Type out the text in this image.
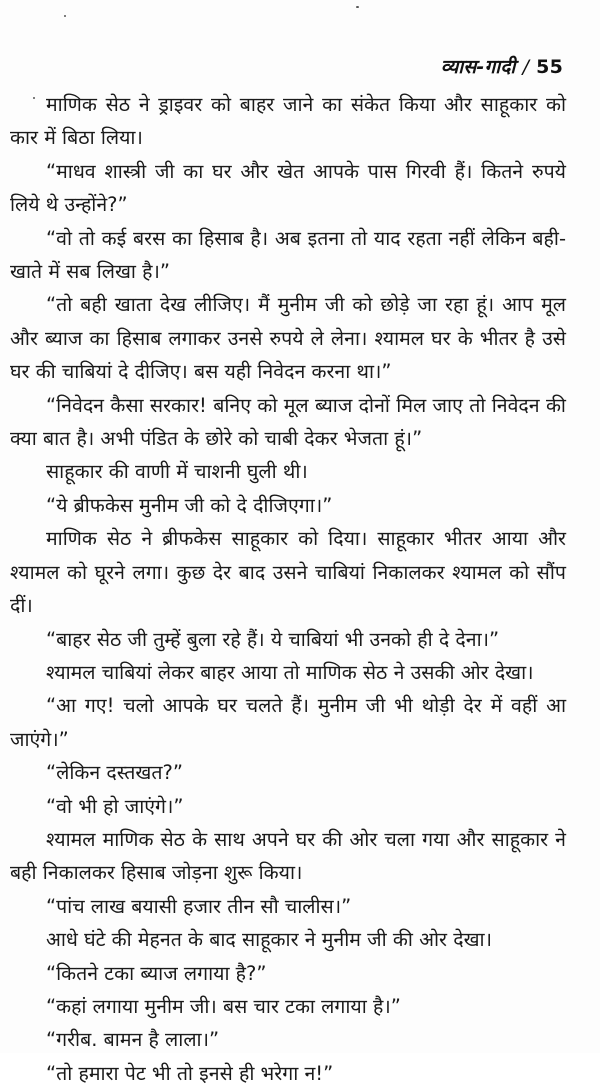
व्यास-गादी / 55

माणिक सेठ ने ड्राइवर को बाहर जाने का संकेत किया और साहूकार को कार में बिठा लिया।

“माधव शास्त्री जी का घर और खेत आपके पास गिरवी हैं। कितने रुपये लिये थे उन्होंने?”

“वो तो कई बरस का हिसाब है। अब इतना तो याद रहता नहीं लेकिन बही-खाते में सब लिखा है।”

“तो बही खाता देख लीजिए। मैं मुनीम जी को छोड़े जा रहा हूं। आप मूल और ब्याज का हिसाब लगाकर उनसे रुपये ले लेना। श्यामल घर के भीतर है उसे घर की चाबियां दे दीजिए। बस यही निवेदन करना था।”

“निवेदन कैसा सरकार! बनिए को मूल ब्याज दोनों मिल जाए तो निवेदन की क्या बात है। अभी पंडित के छोरे को चाबी देकर भेजता हूं।”

साहूकार की वाणी में चाशनी घुली थी।

“ये ब्रीफकेस मुनीम जी को दे दीजिएगा।”

माणिक सेठ ने ब्रीफकेस साहूकार को दिया। साहूकार भीतर आया और श्यामल को घूरने लगा। कुछ देर बाद उसने चाबियां निकालकर श्यामल को सौंप दीं।

“बाहर सेठ जी तुम्हें बुला रहे हैं। ये चाबियां भी उनको ही दे देना।”

श्यामल चाबियां लेकर बाहर आया तो माणिक सेठ ने उसकी ओर देखा।

“आ गए! चलो आपके घर चलते हैं। मुनीम जी भी थोड़ी देर में वहीं आ जाएंगे।”

“लेकिन दस्तखत?”

“वो भी हो जाएंगे।”

श्यामल माणिक सेठ के साथ अपने घर की ओर चला गया और साहूकार ने बही निकालकर हिसाब जोड़ना शुरू किया।

“पांच लाख बयासी हजार तीन सौ चालीस।”

आधे घंटे की मेहनत के बाद साहूकार ने मुनीम जी की ओर देखा।

“कितने टका ब्याज लगाया है?”

“कहां लगाया मुनीम जी। बस चार टका लगाया है।”

“गरीब. बामन है लाला।”

“तो हमारा पेट भी तो इनसे ही भरेगा न!”
